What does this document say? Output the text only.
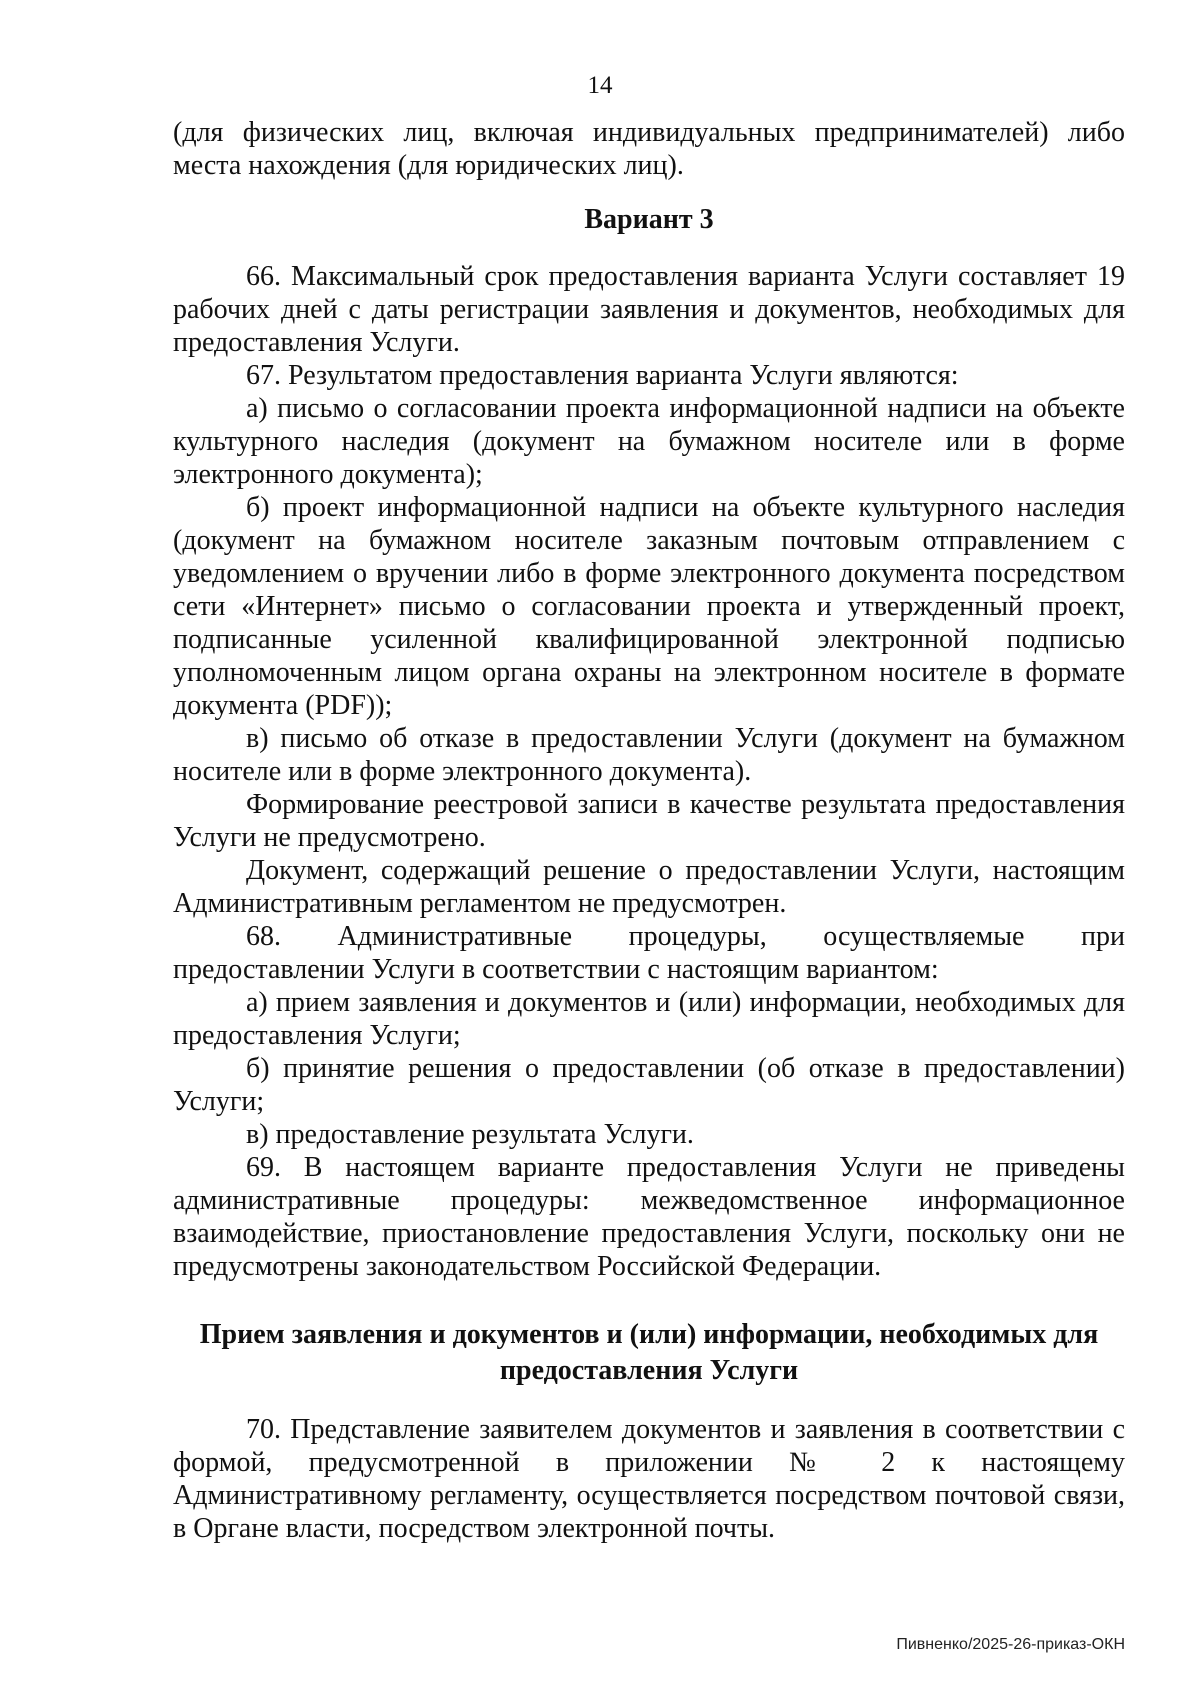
14

(для физических лиц, включая индивидуальных предпринимателей) либо места нахождения (для юридических лиц).

Вариант 3

66. Максимальный срок предоставления варианта Услуги составляет 19 рабочих дней с даты регистрации заявления и документов, необходимых для предоставления Услуги.

67. Результатом предоставления варианта Услуги являются:

а) письмо о согласовании проекта информационной надписи на объекте культурного наследия (документ на бумажном носителе или в форме электронного документа);

б) проект информационной надписи на объекте культурного наследия (документ на бумажном носителе заказным почтовым отправлением с уведомлением о вручении либо в форме электронного документа посредством сети «Интернет» письмо о согласовании проекта и утвержденный проект, подписанные усиленной квалифицированной электронной подписью уполномоченным лицом органа охраны на электронном носителе в формате документа (PDF));

в) письмо об отказе в предоставлении Услуги (документ на бумажном носителе или в форме электронного документа).

Формирование реестровой записи в качестве результата предоставления Услуги не предусмотрено.

Документ, содержащий решение о предоставлении Услуги, настоящим Административным регламентом не предусмотрен.

68. Административные процедуры, осуществляемые при предоставлении Услуги в соответствии с настоящим вариантом:

а) прием заявления и документов и (или) информации, необходимых для предоставления Услуги;

б) принятие решения о предоставлении (об отказе в предоставлении) Услуги;

в) предоставление результата Услуги.

69. В настоящем варианте предоставления Услуги не приведены административные процедуры: межведомственное информационное взаимодействие, приостановление предоставления Услуги, поскольку они не предусмотрены законодательством Российской Федерации.

Прием заявления и документов и (или) информации, необходимых для предоставления Услуги

70. Представление заявителем документов и заявления в соответствии с формой, предусмотренной в приложении № 2 к настоящему Административному регламенту, осуществляется посредством почтовой связи, в Органе власти, посредством электронной почты.

Пивненко/2025-26-приказ-ОКН
